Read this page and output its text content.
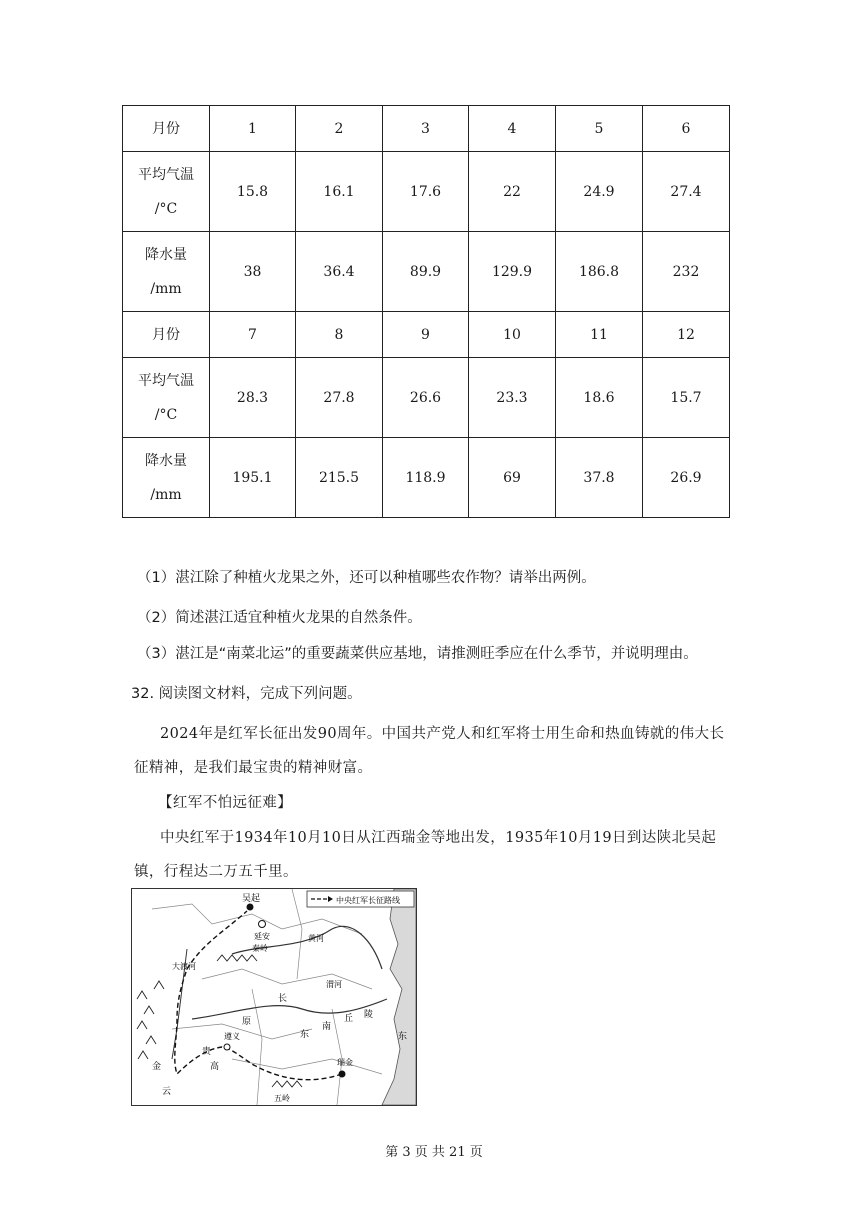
月份	1	2	3	4	5	6
平均气温
/°C	15.8	16.1	17.6	22	24.9	27.4
降水量
/mm	38	36.4	89.9	129.9	186.8	232
月份	7	8	9	10	11	12
平均气温
/°C	28.3	27.8	26.6	23.3	18.6	15.7
降水量
/mm	195.1	215.5	118.9	69	37.8	26.9
（1）湛江除了种植火龙果之外，还可以种植哪些农作物？请举出两例。
（2）简述湛江适宜种植火龙果的自然条件。
（3）湛江是“南菜北运”的重要蔬菜供应基地，请推测旺季应在什么季节，并说明理由。
32. 阅读图文材料，完成下列问题。
2024年是红军长征出发90周年。中国共产党人和红军将士用生命和热血铸就的伟大长
征精神，是我们最宝贵的精神财富。
【红军不怕远征难】
中央红军于1934年10月10日从江西瑞金等地出发，1935年10月19日到达陕北吴起
镇，行程达二万五千里。
中央红军长征路线
吴起
延安
秦岭
黄河
渭河
长
瑞金
遵义	东
南
丘 陵
云
贵
高
原
大渡河
五岭
金
东
第 3 页 共 21 页
